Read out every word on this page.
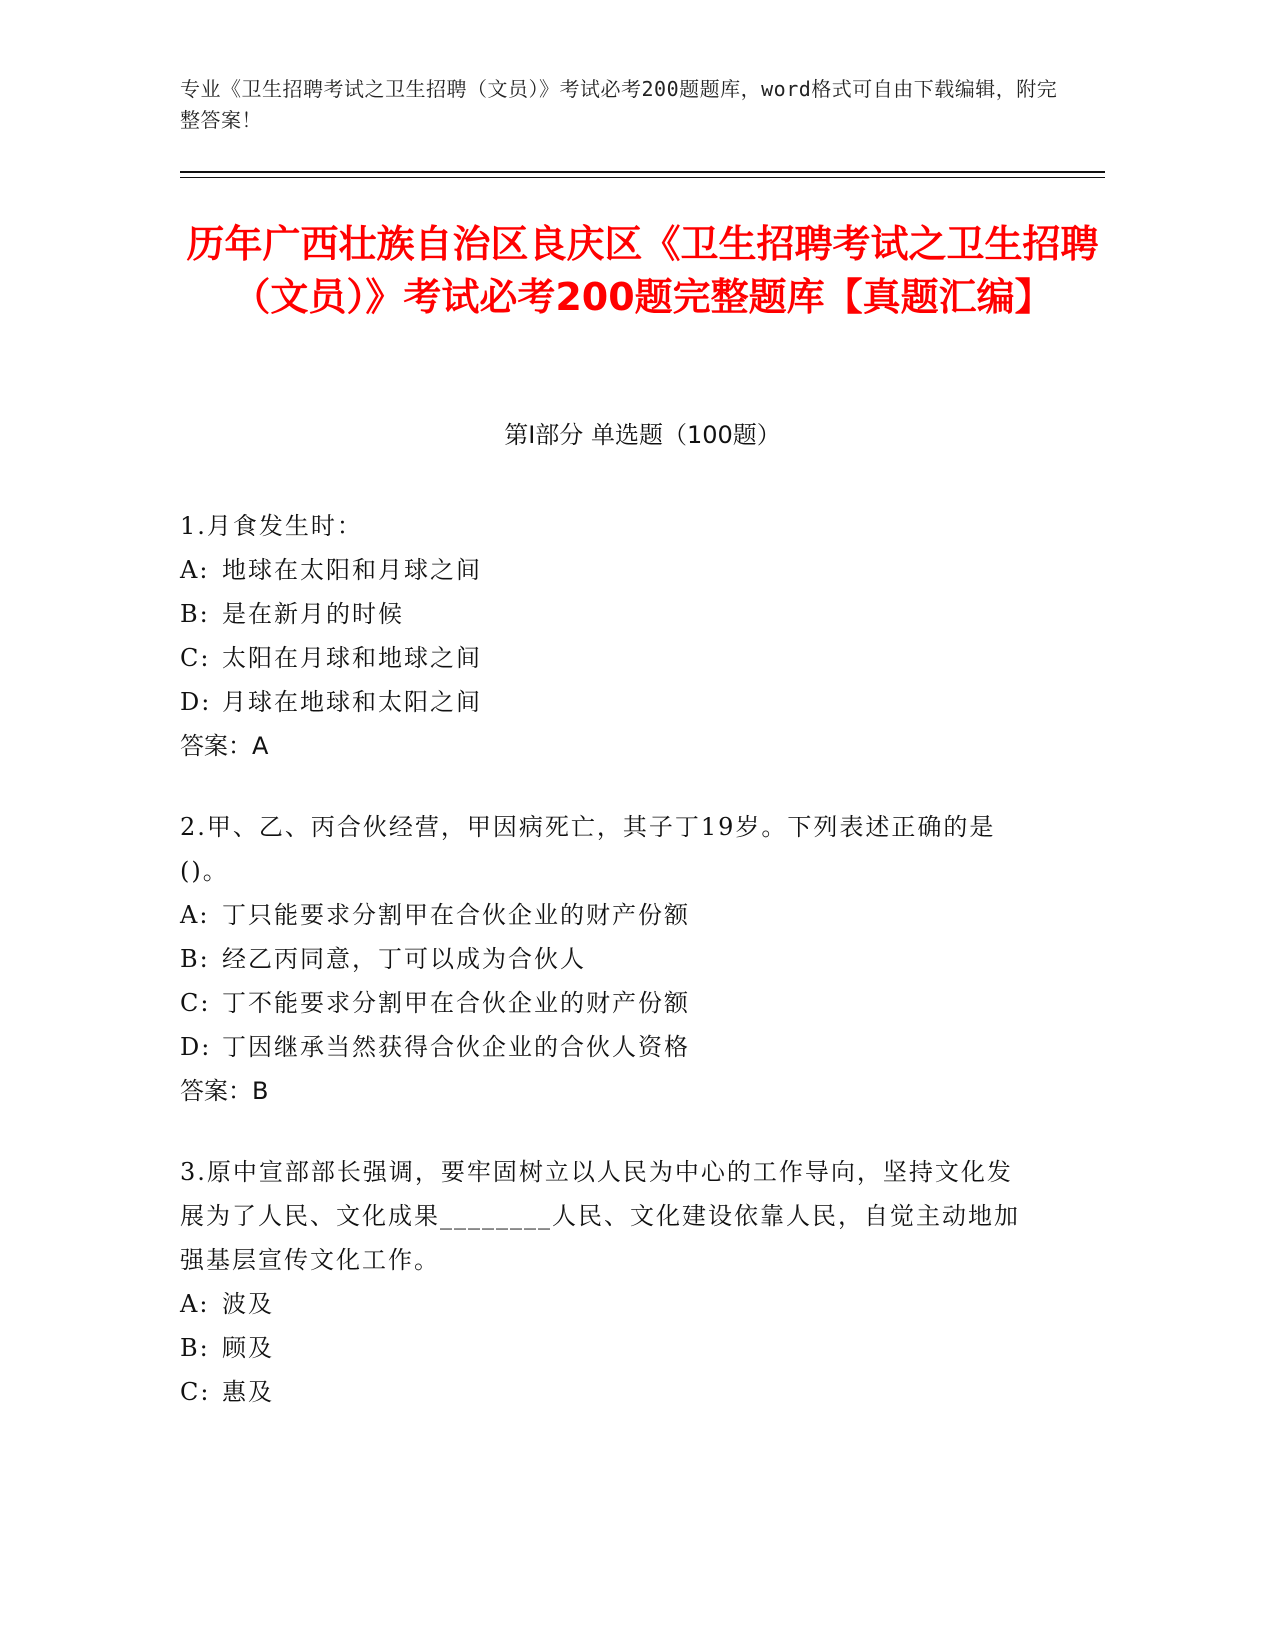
专业《卫生招聘考试之卫生招聘（文员）》考试必考200题题库，word格式可自由下载编辑，附完整答案！
历年广西壮族自治区良庆区《卫生招聘考试之卫生招聘（文员）》考试必考200题完整题库【真题汇编】
第I部分 单选题（100题）
1.月食发生时：
A: 地球在太阳和月球之间
B: 是在新月的时候
C: 太阳在月球和地球之间
D: 月球在地球和太阳之间
答案：A
2.甲、乙、丙合伙经营，甲因病死亡，其子丁19岁。下列表述正确的是()。
A: 丁只能要求分割甲在合伙企业的财产份额
B: 经乙丙同意，丁可以成为合伙人
C: 丁不能要求分割甲在合伙企业的财产份额
D: 丁因继承当然获得合伙企业的合伙人资格
答案：B
3.原中宣部部长强调，要牢固树立以人民为中心的工作导向，坚持文化发展为了人民、文化成果________人民、文化建设依靠人民，自觉主动地加强基层宣传文化工作。
A: 波及
B: 顾及
C: 惠及
